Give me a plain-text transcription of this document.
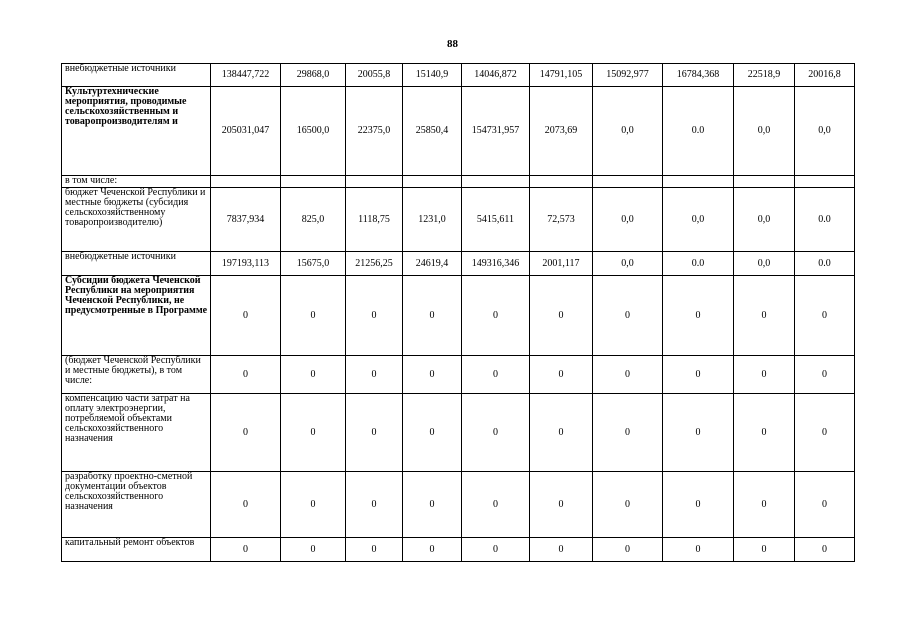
88
внебюджетные источники	138447,722	29868,0	20055,8	15140,9	14046,872	14791,105	15092,977	16784,368	22518,9	20016,8
Культуртехнические мероприятия, проводимые сельскохозяйственным и товаропроизводителям и	205031,047	16500,0	22375,0	25850,4	154731,957	2073,69	0,0	0.0	0,0	0,0
в том числе:										
бюджет Чеченской Республики и местные бюджеты (субсидия сельскохозяйственному товаропроизводителю)	7837,934	825,0	1118,75	1231,0	5415,611	72,573	0,0	0,0	0,0	0.0
внебюджетные источники	197193,113	15675,0	21256,25	24619,4	149316,346	2001,117	0,0	0.0	0,0	0.0
Субсидии бюджета Чеченской Республики на мероприятия Чеченской Республики, не предусмотренные в Программе	0	0	0	0	0	0	0	0	0	0
(бюджет Чеченской Республики и местные бюджеты), в том числе:	0	0	0	0	0	0	0	0	0	0
компенсацию части затрат на оплату электроэнергии, потребляемой объектами сельскохозяйственного назначения	0	0	0	0	0	0	0	0	0	0
разработку проектно-сметной документации объектов сельскохозяйственного назначения	0	0	0	0	0	0	0	0	0	0
капитальный ремонт объектов	0	0	0	0	0	0	0	0	0	0
